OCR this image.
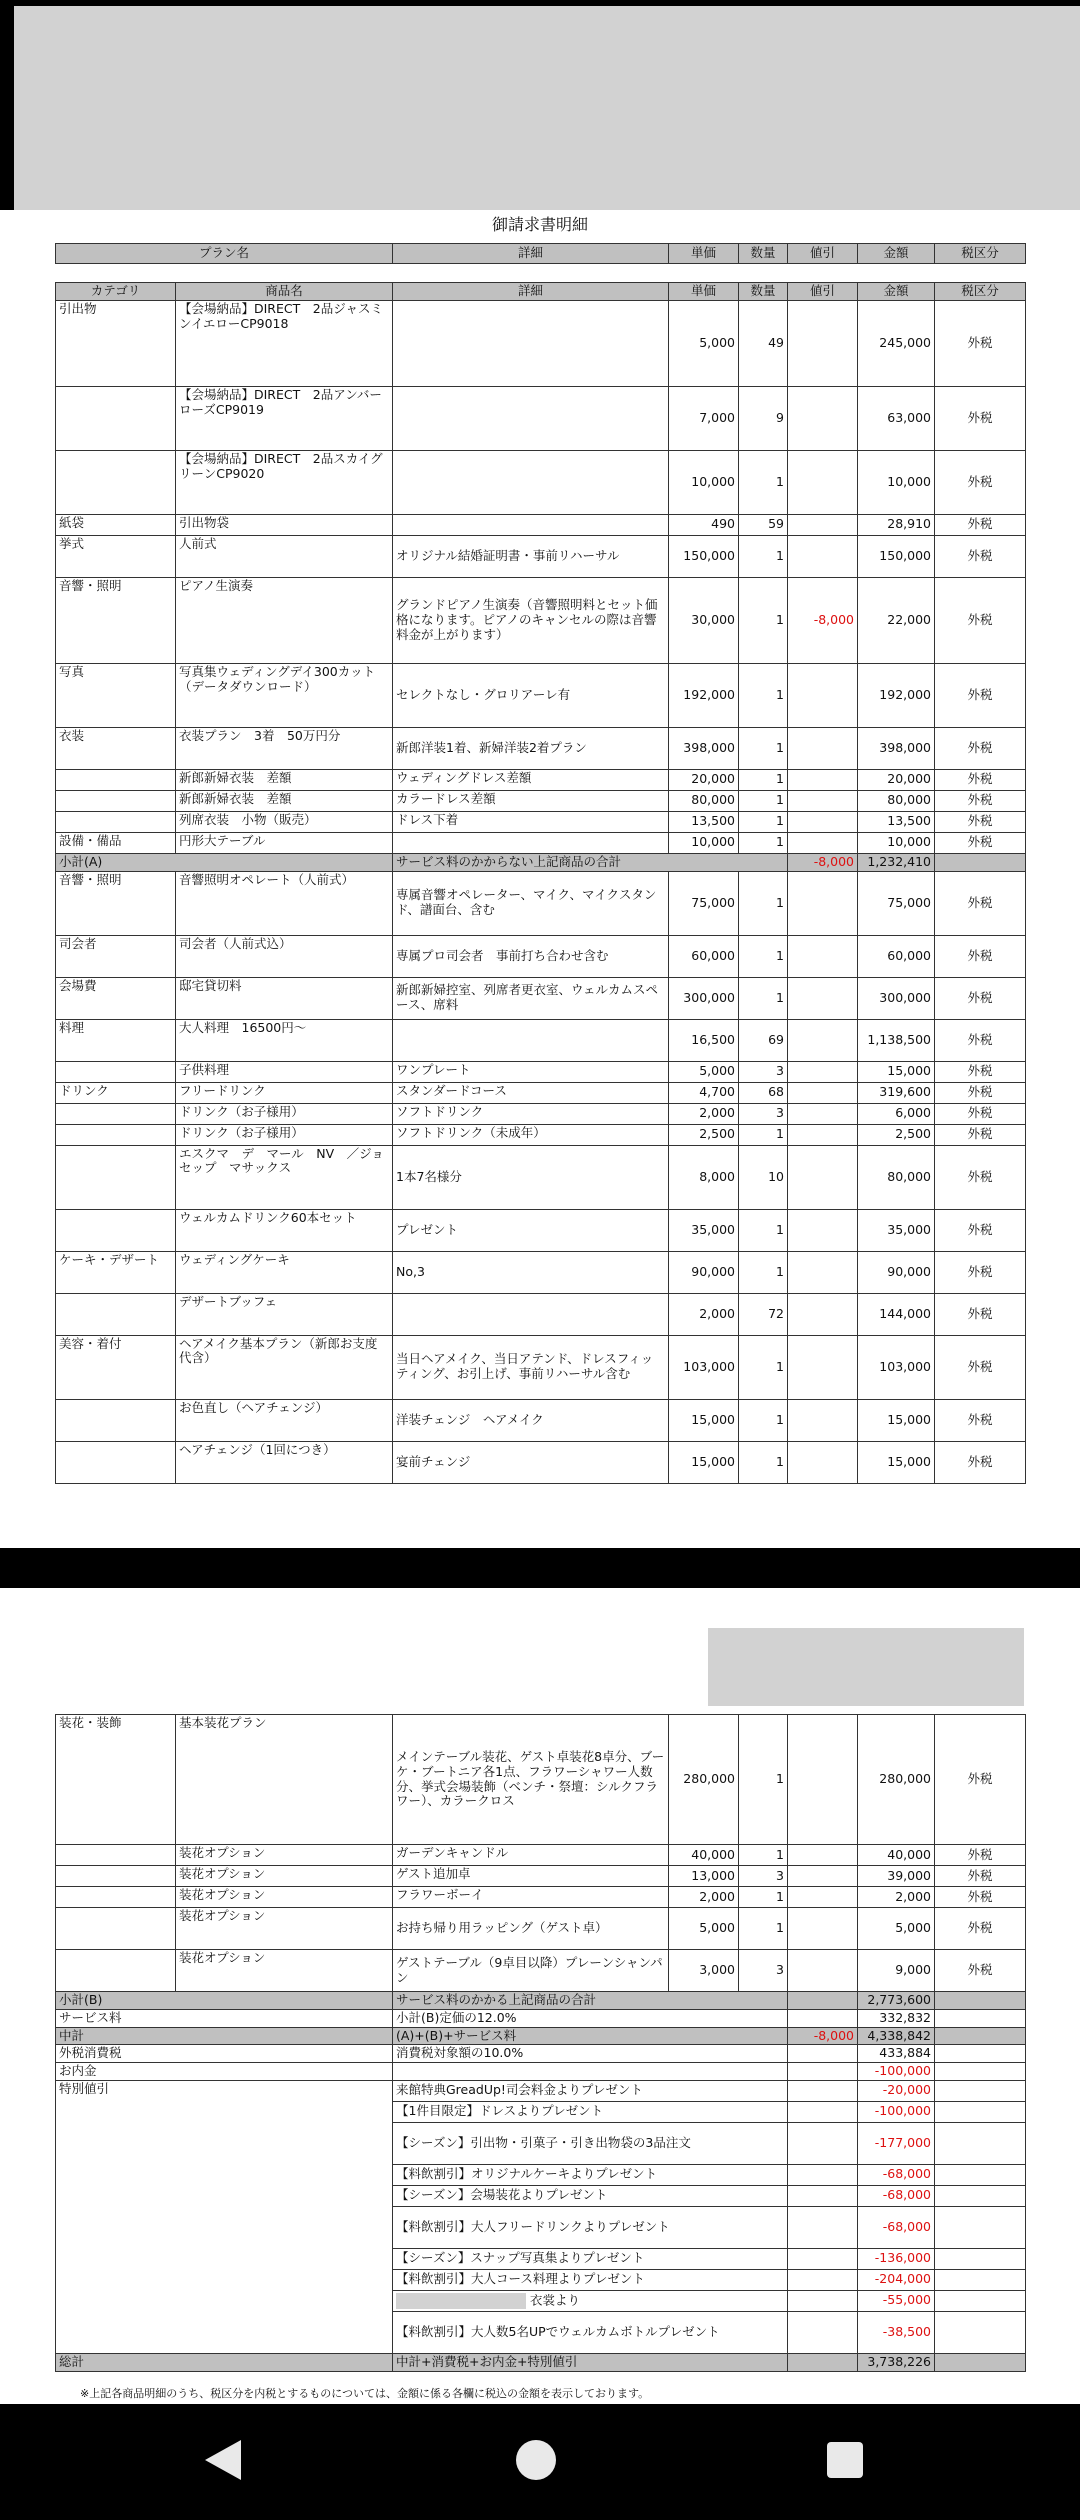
御請求書明細
プラン名	詳細	単価	数量	値引	金額	税区分
カテゴリ	商品名	詳細	単価	数量	値引	金額	税区分
引出物	【会場納品】DIRECT　2品ジャスミンイエローCP9018		5,000	49		245,000	外税
	【会場納品】DIRECT　2品アンバーローズCP9019		7,000	9		63,000	外税
	【会場納品】DIRECT　2品スカイグリーンCP9020		10,000	1		10,000	外税
紙袋	引出物袋		490	59		28,910	外税
挙式	人前式	オリジナル結婚証明書・事前リハーサル	150,000	1		150,000	外税
音響・照明	ピアノ生演奏	グランドピアノ生演奏（音響照明料とセット価格になります。ピアノのキャンセルの際は音響料金が上がります）	30,000	1	-8,000	22,000	外税
写真	写真集ウェディングデイ300カット（データダウンロード）	セレクトなし・グロリアーレ有	192,000	1		192,000	外税
衣装	衣装プラン　3着　50万円分	新郎洋装1着、新婦洋装2着プラン	398,000	1		398,000	外税
	新郎新婦衣装　差額	ウェディングドレス差額	20,000	1		20,000	外税
	新郎新婦衣装　差額	カラードレス差額	80,000	1		80,000	外税
	列席衣装　小物（販売）	ドレス下着	13,500	1		13,500	外税
設備・備品	円形大テーブル		10,000	1		10,000	外税
小計(A)		サービス料のかからない上記商品の合計			-8,000	1,232,410	
音響・照明	音響照明オペレート（人前式）	専属音響オペレーター、マイク、マイクスタンド、譜面台、含む	75,000	1		75,000	外税
司会者	司会者（人前式込）	専属プロ司会者　事前打ち合わせ含む	60,000	1		60,000	外税
会場費	邸宅貸切料	新郎新婦控室、列席者更衣室、ウェルカムスペース、席料	300,000	1		300,000	外税
料理	大人料理　16500円〜		16,500	69		1,138,500	外税
	子供料理	ワンプレート	5,000	3		15,000	外税
ドリンク	フリードリンク	スタンダードコース	4,700	68		319,600	外税
	ドリンク（お子様用）	ソフトドリンク	2,000	3		6,000	外税
	ドリンク（お子様用）	ソフトドリンク（未成年）	2,500	1		2,500	外税
	エスクマ　デ　マール　NV　／ジョセップ　マサックス	1本7名様分	8,000	10		80,000	外税
	ウェルカムドリンク60本セット	プレゼント	35,000	1		35,000	外税
ケーキ・デザート	ウェディングケーキ	No,3	90,000	1		90,000	外税
	デザートブッフェ		2,000	72		144,000	外税
美容・着付	ヘアメイク基本プラン（新郎お支度代含）	当日ヘアメイク、当日アテンド、ドレスフィッティング、お引上げ、事前リハーサル含む	103,000	1		103,000	外税
	お色直し（ヘアチェンジ）	洋装チェンジ　ヘアメイク	15,000	1		15,000	外税
	ヘアチェンジ（1回につき）	宴前チェンジ	15,000	1		15,000	外税
装花・装飾	基本装花プラン	メインテーブル装花、ゲスト卓装花8卓分、ブーケ・ブートニア各1点、フラワーシャワー人数分、挙式会場装飾（ベンチ・祭壇：シルクフラワー）、カラークロス	280,000	1		280,000	外税
	装花オプション	ガーデンキャンドル	40,000	1		40,000	外税
	装花オプション	ゲスト追加卓	13,000	3		39,000	外税
	装花オプション	フラワーボーイ	2,000	1		2,000	外税
	装花オプション	お持ち帰り用ラッピング（ゲスト卓）	5,000	1		5,000	外税
	装花オプション	ゲストテーブル（9卓目以降）プレーンシャンパン	3,000	3		9,000	外税
小計(B)		サービス料のかかる上記商品の合計				2,773,600	
サービス料		小計(B)定価の12.0%				332,832	
中計		(A)+(B)+サービス料			-8,000	4,338,842	
外税消費税		消費税対象額の10.0%				433,884	
お内金						-100,000	
特別値引		来館特典GreadUp!司会料金よりプレゼント				-20,000	
		【1件目限定】ドレスよりプレゼント				-100,000	
		【シーズン】引出物・引菓子・引き出物袋の3品注文				-177,000	
		【料飲割引】オリジナルケーキよりプレゼント				-68,000	
		【シーズン】会場装花よりプレゼント				-68,000	
		【料飲割引】大人フリードリンクよりプレゼント				-68,000	
		【シーズン】スナップ写真集よりプレゼント				-136,000	
		【料飲割引】大人コース料理よりプレゼント				-204,000	
		衣裳より				-55,000	
		【料飲割引】大人数5名UPでウェルカムボトルプレゼント				-38,500	
総計		中計+消費税+お内金+特別値引				3,738,226	
※上記各商品明細のうち、税区分を内税とするものについては、金額に係る各欄に税込の金額を表示しております。
